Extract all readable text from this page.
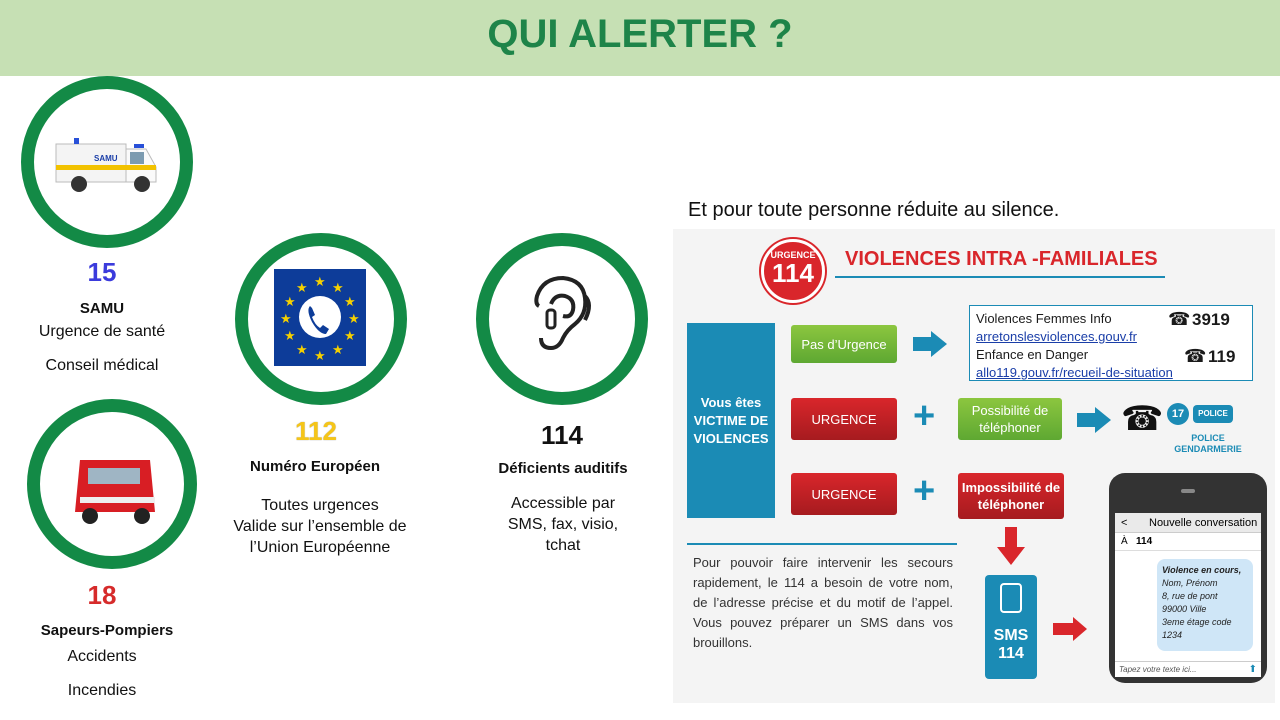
QUI ALERTER ?
SAMU
15
SAMU
Urgence de santé
Conseil médical
18
Sapeurs-Pompiers
Accidents
Incendies
★ ★
★
★
★
★
★
★
★
★
★
★
112
Numéro Européen
Toutes urgences
Valide sur l’ensemble de
l’Union Européenne
114
Déficients auditifs
Accessible par
SMS, fax, visio,
tchat
Et pour toute personne réduite au silence.
URGENCE
114	VIOLENCES INTRA -FAMILIALES
Vous êtes VICTIME DE VIOLENCES
Pas d’Urgence
Violences Femmes Info
arretonslesviolences.gouv.fr
Enfance en Danger
allo119.gouv.fr/recueil-de-situation
☎ 3919
☎ 119
URGENCE +	Possibilité de téléphoner	☎ 17	POLICE
POLICE GENDARMERIE
URGENCE + Impossibilité de téléphoner
Pour pouvoir faire intervenir les secours rapidement, le 114 a besoin de votre nom, de l’adresse précise et du motif de l’appel. Vous pouvez préparer un SMS dans vos brouillons.	SMS
114
< Nouvelle conversation
À 114
Violence en cours,
Nom, Prénom
8, rue de pont
99000 Ville
3eme étage code
1234
Tapez votre texte ici...	⬆
